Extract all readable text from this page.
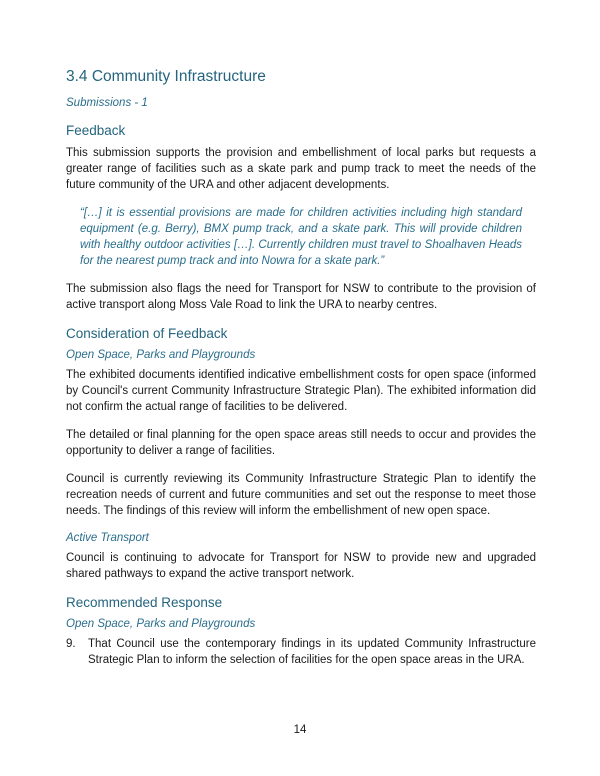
3.4 Community Infrastructure

Submissions - 1

Feedback

This submission supports the provision and embellishment of local parks but requests a greater range of facilities such as a skate park and pump track to meet the needs of the future community of the URA and other adjacent developments.

“[…] it is essential provisions are made for children activities including high standard equipment (e.g. Berry), BMX pump track, and a skate park. This will provide children with healthy outdoor activities […]. Currently children must travel to Shoalhaven Heads for the nearest pump track and into Nowra for a skate park.”

The submission also flags the need for Transport for NSW to contribute to the provision of active transport along Moss Vale Road to link the URA to nearby centres.

Consideration of Feedback

Open Space, Parks and Playgrounds

The exhibited documents identified indicative embellishment costs for open space (informed by Council's current Community Infrastructure Strategic Plan). The exhibited information did not confirm the actual range of facilities to be delivered.

The detailed or final planning for the open space areas still needs to occur and provides the opportunity to deliver a range of facilities.

Council is currently reviewing its Community Infrastructure Strategic Plan to identify the recreation needs of current and future communities and set out the response to meet those needs. The findings of this review will inform the embellishment of new open space.

Active Transport

Council is continuing to advocate for Transport for NSW to provide new and upgraded shared pathways to expand the active transport network.

Recommended Response

Open Space, Parks and Playgrounds

9.	That Council use the contemporary findings in its updated Community Infrastructure Strategic Plan to inform the selection of facilities for the open space areas in the URA.
14
